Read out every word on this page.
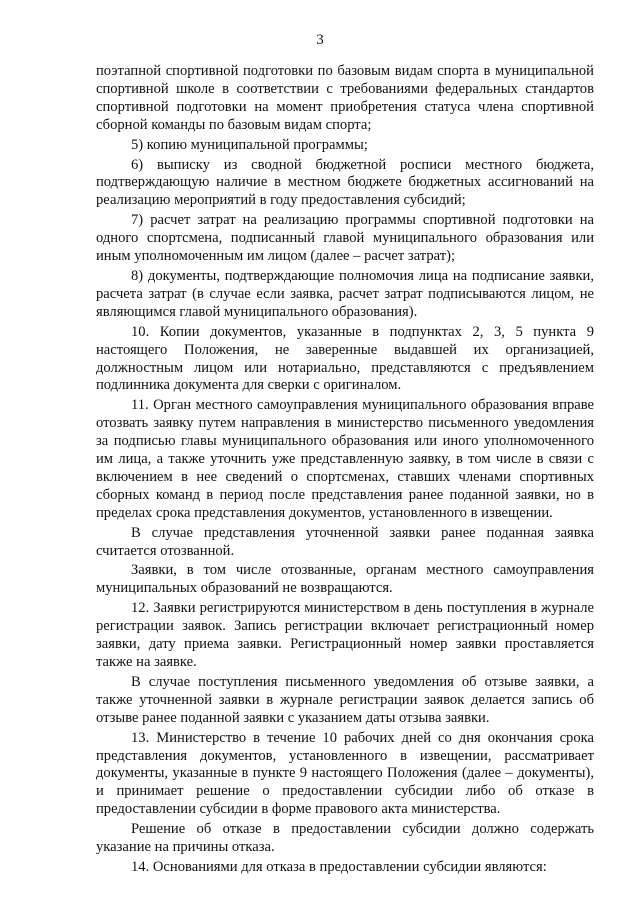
3

поэтапной спортивной подготовки по базовым видам спорта в муниципальной спортивной школе в соответствии с требованиями федеральных стандартов спортивной подготовки на момент приобретения статуса члена спортивной сборной команды по базовым видам спорта;

5) копию муниципальной программы;

6) выписку из сводной бюджетной росписи местного бюджета, подтверждающую наличие в местном бюджете бюджетных ассигнований на реализацию мероприятий в году предоставления субсидий;

7) расчет затрат на реализацию программы спортивной подготовки на одного спортсмена, подписанный главой муниципального образования или иным уполномоченным им лицом (далее – расчет затрат);

8) документы, подтверждающие полномочия лица на подписание заявки, расчета затрат (в случае если заявка, расчет затрат подписываются лицом, не являющимся главой муниципального образования).

10. Копии документов, указанные в подпунктах 2, 3, 5 пункта 9 настоящего Положения, не заверенные выдавшей их организацией, должностным лицом или нотариально, представляются с предъявлением подлинника документа для сверки с оригиналом.

11. Орган местного самоуправления муниципального образования вправе отозвать заявку путем направления в министерство письменного уведомления за подписью главы муниципального образования или иного уполномоченного им лица, а также уточнить уже представленную заявку, в том числе в связи с включением в нее сведений о спортсменах, ставших членами спортивных сборных команд в период после представления ранее поданной заявки, но в пределах срока представления документов, установленного в извещении.

В случае представления уточненной заявки ранее поданная заявка считается отозванной.

Заявки, в том числе отозванные, органам местного самоуправления муниципальных образований не возвращаются.

12. Заявки регистрируются министерством в день поступления в журнале регистрации заявок. Запись регистрации включает регистрационный номер заявки, дату приема заявки. Регистрационный номер заявки проставляется также на заявке.

В случае поступления письменного уведомления об отзыве заявки, а также уточненной заявки в журнале регистрации заявок делается запись об отзыве ранее поданной заявки с указанием даты отзыва заявки.

13. Министерство в течение 10 рабочих дней со дня окончания срока представления документов, установленного в извещении, рассматривает документы, указанные в пункте 9 настоящего Положения (далее – документы), и принимает решение о предоставлении субсидии либо об отказе в предоставлении субсидии в форме правового акта министерства.

Решение об отказе в предоставлении субсидии должно содержать указание на причины отказа.

14. Основаниями для отказа в предоставлении субсидии являются:
